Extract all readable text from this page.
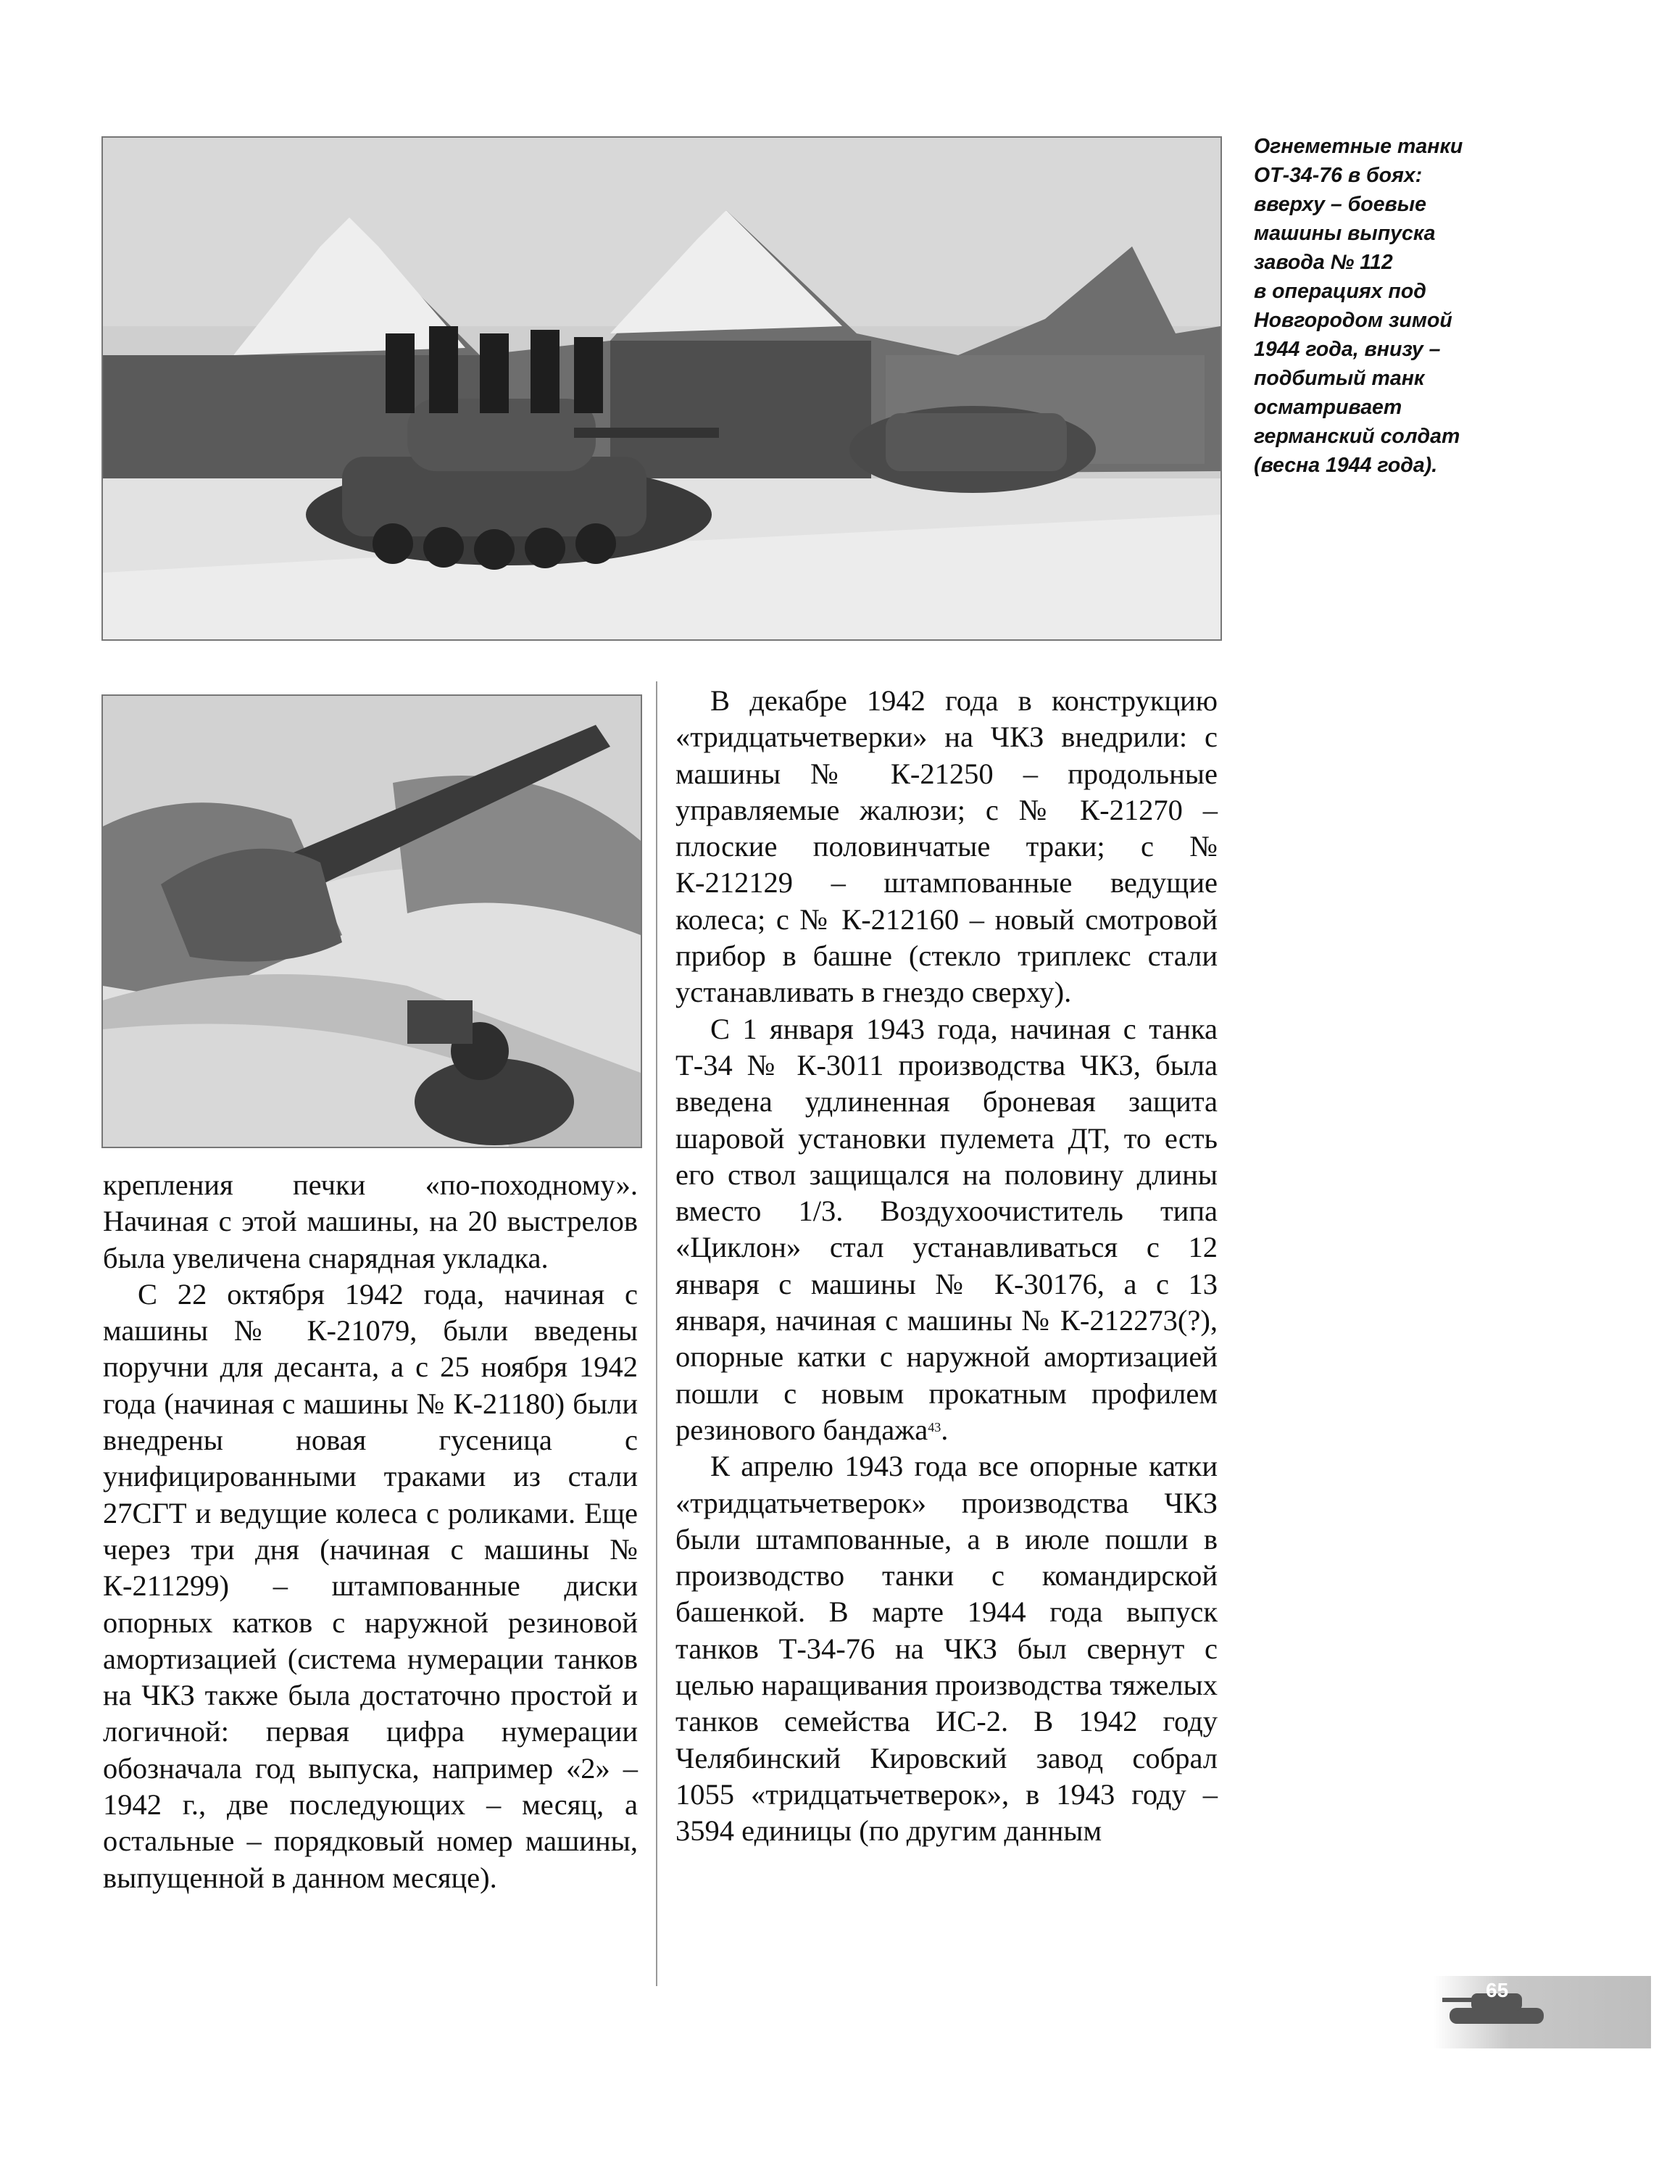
Огнеметные танки
ОТ-34-76 в боях:
вверху – боевые
машины выпуска
завода № 112
в операциях под
Новгородом зимой
1944 года, внизу –
подбитый танк
осматривает
германский солдат
(весна 1944 года).

крепления печки «по-походному». Начиная с этой машины, на 20 выстрелов была увеличена снарядная укладка.

С 22 октября 1942 года, начиная с машины № К-21079, были введены поручни для десанта, а с 25 ноября 1942 года (начиная с машины № К-21180) были внедрены новая гусеница с унифицированными траками из стали 27СГТ и ведущие колеса с роликами. Еще через три дня (начиная с машины № К-211299) – штампованные диски опорных катков с наружной резиновой амортизацией (система нумерации танков на ЧКЗ также была достаточно простой и логичной: первая цифра нумерации обозначала год выпуска, например «2» – 1942 г., две последующих – месяц, а остальные – порядковый номер машины, выпущенной в данном месяце).

В декабре 1942 года в конструкцию «тридцатьчетверки» на ЧКЗ внедрили: с машины № К-21250 – продольные управляемые жалюзи; с № К-21270 – плоские половинчатые траки; с № К-212129 – штампованные ведущие колеса; с № К-212160 – новый смотровой прибор в башне (стекло триплекс стали устанавливать в гнездо сверху).

С 1 января 1943 года, начиная с танка Т-34 № К-3011 производства ЧКЗ, была введена удлиненная броневая защита шаровой установки пулемета ДТ, то есть его ствол защищался на половину длины вместо 1/3. Воздухоочиститель типа «Циклон» стал устанавливаться с 12 января с машины № К-30176, а с 13 января, начиная с машины № К-212273(?), опорные катки с наружной амортизацией пошли с новым прокатным профилем резинового бандажа$^{43}$.

К апрелю 1943 года все опорные катки «тридцатьчетверок» производства ЧКЗ были штампованные, а в июле пошли в производство танки с командирской башенкой. В марте 1944 года выпуск танков Т-34-76 на ЧКЗ был свернут с целью наращивания производства тяжелых танков семейства ИС-2. В 1942 году Челябинский Кировский завод собрал 1055 «тридцатьчетверок», в 1943 году – 3594 единицы (по другим данным

65
